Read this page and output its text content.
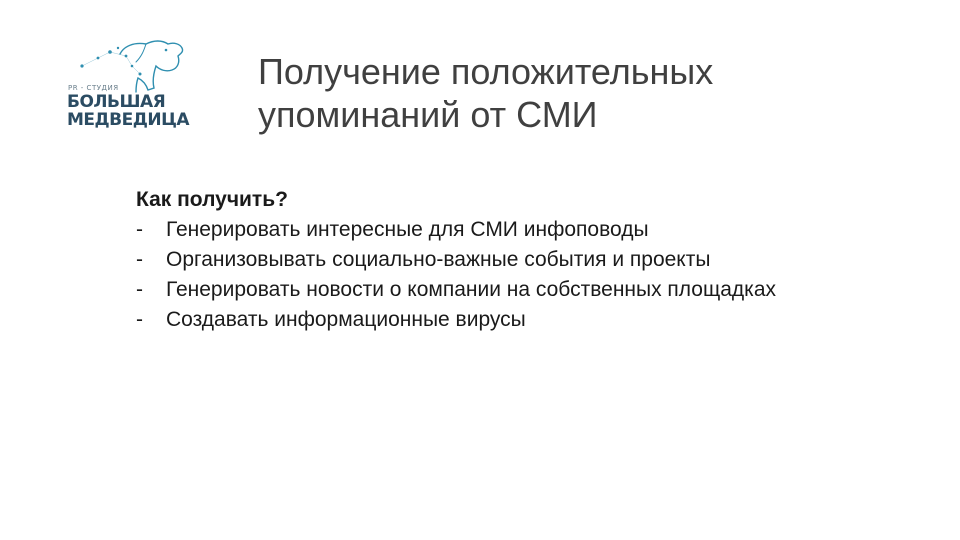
PR - СТУДИЯ
БОЛЬШАЯ
МЕДВЕДИЦА
Получение положительных
упоминаний от СМИ
Как получить?
- Генерировать интересные для СМИ инфоповоды
- Организовывать социально-важные события и проекты
- Генерировать новости о компании на собственных площадках
- Создавать информационные вирусы
